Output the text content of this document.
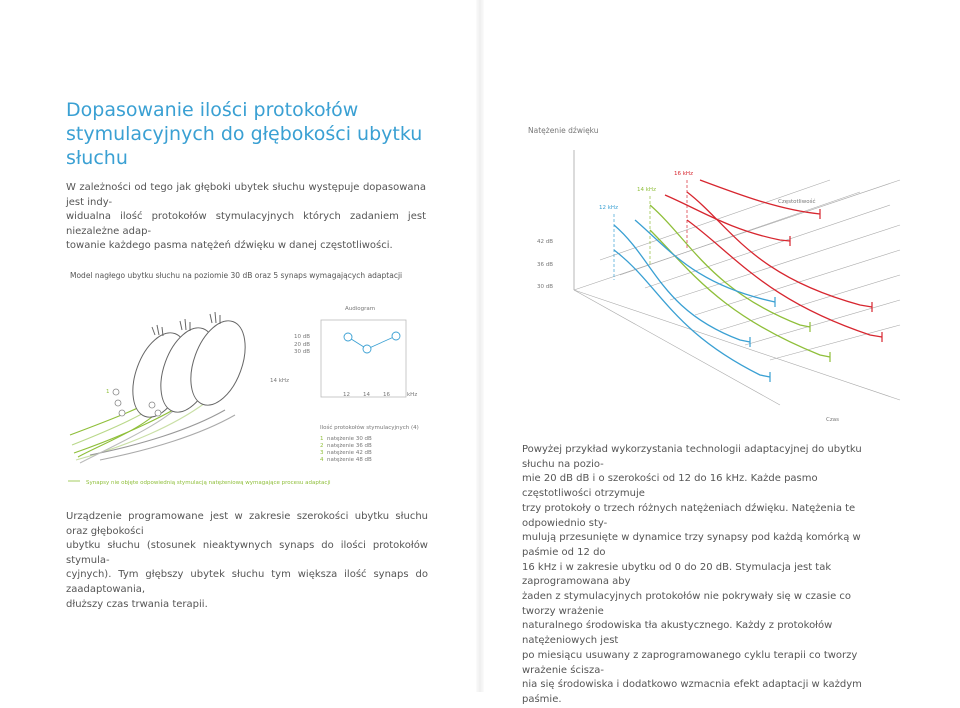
Dopasowanie ilości protokołów
stymulacyjnych do głębokości ubytku
słuchu
W zależności od tego jak głęboki ubytek słuchu występuje dopasowana jest indy-
widualna ilość protokołów stymulacyjnych których zadaniem jest niezależne adap-
towanie każdego pasma natężeń dźwięku w danej częstotliwości.
Model nagłego ubytku słuchu na poziomie 30 dB oraz 5 synaps wymagających adaptacji
1
Audiogram
10 dB
20 dB
30 dB
12 14 16	kHz
14 kHz
Ilość protokołów stymulacyjnych (4)
1 natężenie 30 dB
2 natężenie 36 dB
3 natężenie 42 dB
4 natężenie 48 dB
Synapsy nie objęte odpowiednią stymulacją natężeniową wymagające procesu adaptacji
Urządzenie programowane jest w zakresie szerokości ubytku słuchu oraz głębokości
ubytku słuchu (stosunek nieaktywnych synaps do ilości protokołów stymula-
cyjnych). Tym głębszy ubytek słuchu tym większa ilość synaps do zaadaptowania,
dłuższy czas trwania terapii.
Natężenie dźwięku
42 dB
36 dB
30 dB
Częstotliwość
Czas
12 kHz
14 kHz
16 kHz
Powyżej przykład wykorzystania technologii adaptacyjnej do ubytku słuchu na pozio-
mie 20 dB dB i o szerokości od 12 do 16 kHz. Każde pasmo częstotliwości otrzymuje
trzy protokoły o trzech różnych natężeniach dźwięku. Natężenia te odpowiednio sty-
mulują przesunięte w dynamice trzy synapsy pod każdą komórką w paśmie od 12 do
16 kHz i w zakresie ubytku od 0 do 20 dB. Stymulacja jest tak zaprogramowana aby
żaden z stymulacyjnych protokołów nie pokrywały się w czasie co tworzy wrażenie
naturalnego środowiska tła akustycznego. Każdy z protokołów natężeniowych jest
po miesiącu usuwany z zaprogramowanego cyklu terapii co tworzy wrażenie ściszа-
nia się środowiska i dodatkowo wzmacnia efekt adaptacji w każdym paśmie.
